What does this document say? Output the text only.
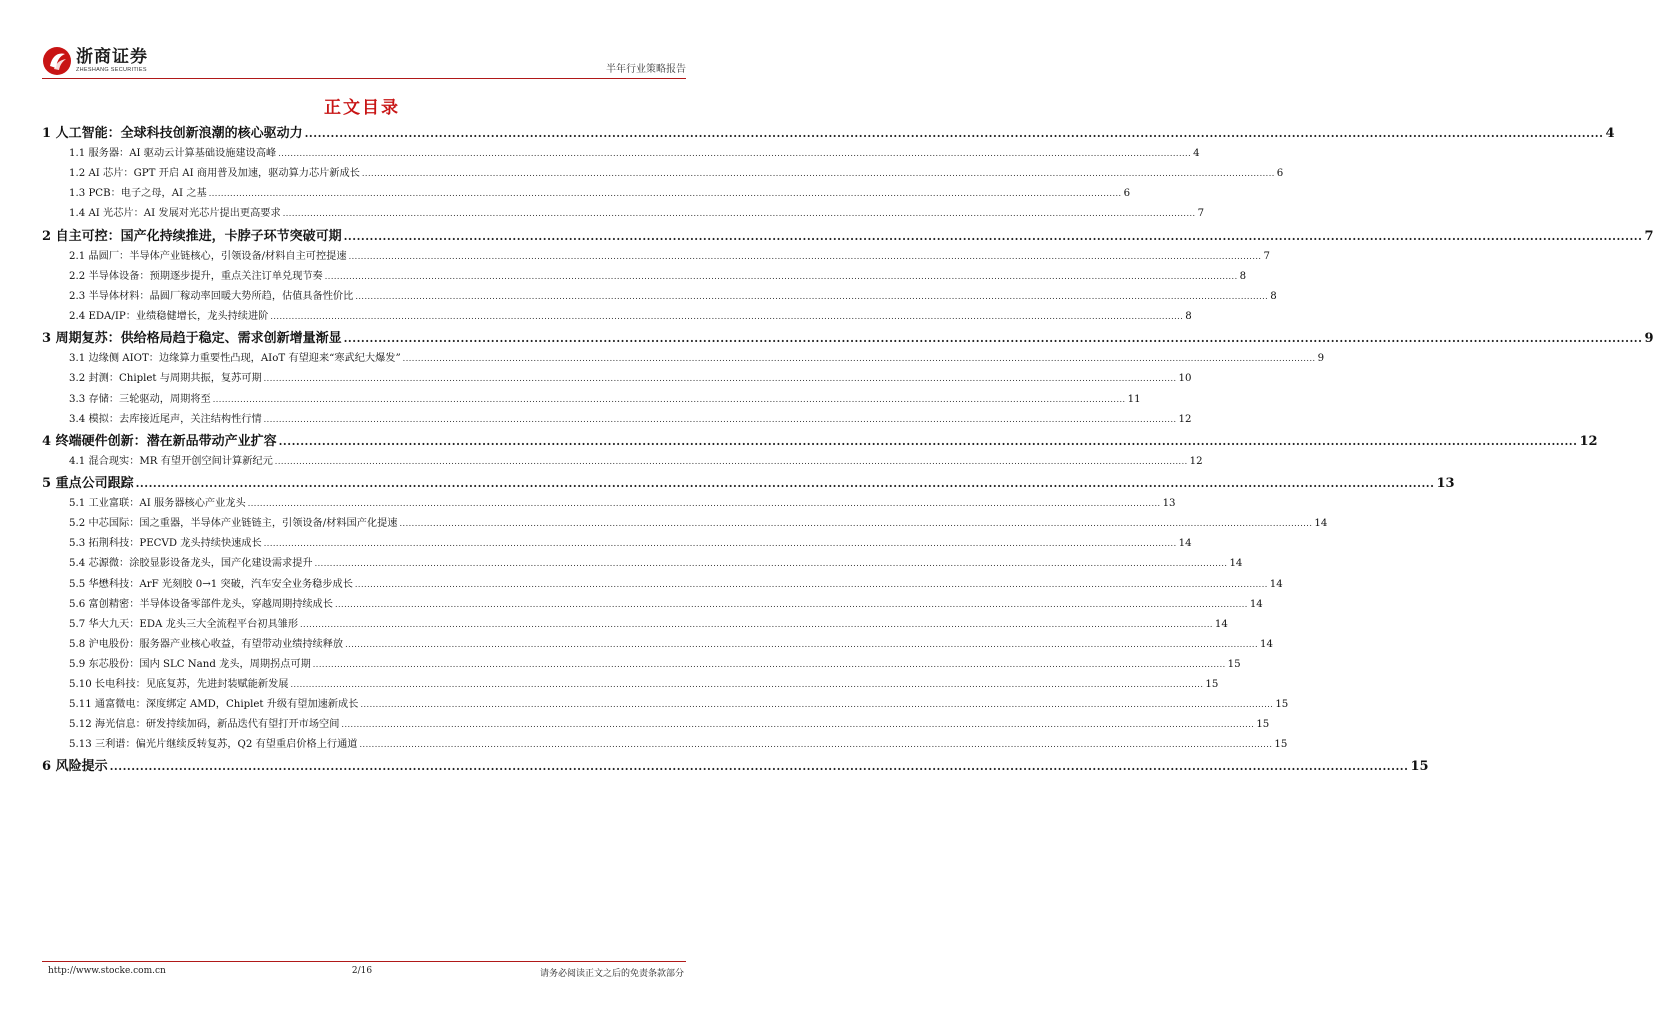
浙商证券
ZHESHANG SECURITIES	半年行业策略报告
正文目录
1 人工智能：全球科技创新浪潮的核心驱动力 ............................................................................................................................................................................................................................................................................................................ 4
1.1 服务器：AI 驱动云计算基础设施建设高峰 ............................................................................................................................................................................................................................................................................................................ 4
1.2 AI 芯片：GPT 开启 AI 商用普及加速，驱动算力芯片新成长 ............................................................................................................................................................................................................................................................................................................ 6
1.3 PCB：电子之母，AI 之基 ............................................................................................................................................................................................................................................................................................................ 6
1.4 AI 光芯片：AI 发展对光芯片提出更高要求 ............................................................................................................................................................................................................................................................................................................ 7
2 自主可控：国产化持续推进，卡脖子环节突破可期 ............................................................................................................................................................................................................................................................................................................ 7
2.1 晶圆厂：半导体产业链核心，引领设备/材料自主可控提速 ............................................................................................................................................................................................................................................................................................................ 7
2.2 半导体设备：预期逐步提升，重点关注订单兑现节奏 ............................................................................................................................................................................................................................................................................................................ 8
2.3 半导体材料：晶圆厂稼动率回暖大势所趋，估值具备性价比 ............................................................................................................................................................................................................................................................................................................ 8
2.4 EDA/IP：业绩稳健增长，龙头持续进阶 ............................................................................................................................................................................................................................................................................................................ 8
3 周期复苏：供给格局趋于稳定、需求创新增量渐显 ............................................................................................................................................................................................................................................................................................................ 9
3.1 边缘侧 AIOT：边缘算力重要性凸现，AIoT 有望迎来“寒武纪大爆发” ............................................................................................................................................................................................................................................................................................................ 9
3.2 封测：Chiplet 与周期共振，复苏可期 ............................................................................................................................................................................................................................................................................................................ 10
3.3 存储：三轮驱动，周期将至 ............................................................................................................................................................................................................................................................................................................ 11
3.4 模拟：去库接近尾声，关注结构性行情 ............................................................................................................................................................................................................................................................................................................ 12
4 终端硬件创新：潜在新品带动产业扩容 ............................................................................................................................................................................................................................................................................................................ 12
4.1 混合现实：MR 有望开创空间计算新纪元 ............................................................................................................................................................................................................................................................................................................ 12
5 重点公司跟踪 ............................................................................................................................................................................................................................................................................................................ 13
5.1 工业富联：AI 服务器核心产业龙头 ............................................................................................................................................................................................................................................................................................................ 13
5.2 中芯国际：国之重器，半导体产业链链主，引领设备/材料国产化提速 ............................................................................................................................................................................................................................................................................................................ 14
5.3 拓荆科技：PECVD 龙头持续快速成长 ............................................................................................................................................................................................................................................................................................................ 14
5.4 芯源微：涂胶显影设备龙头，国产化建设需求提升 ............................................................................................................................................................................................................................................................................................................ 14
5.5 华懋科技：ArF 光刻胶 0→1 突破，汽车安全业务稳步成长 ............................................................................................................................................................................................................................................................................................................ 14
5.6 富创精密：半导体设备零部件龙头，穿越周期持续成长 ............................................................................................................................................................................................................................................................................................................ 14
5.7 华大九天：EDA 龙头三大全流程平台初具雏形 ............................................................................................................................................................................................................................................................................................................ 14
5.8 沪电股份：服务器产业核心收益，有望带动业绩持续释放 ............................................................................................................................................................................................................................................................................................................ 14
5.9 东芯股份：国内 SLC Nand 龙头，周期拐点可期 ............................................................................................................................................................................................................................................................................................................ 15
5.10 长电科技：见底复苏，先进封装赋能新发展 ............................................................................................................................................................................................................................................................................................................ 15
5.11 通富微电：深度绑定 AMD，Chiplet 升级有望加速新成长 ............................................................................................................................................................................................................................................................................................................ 15
5.12 海光信息：研发持续加码，新品迭代有望打开市场空间 ............................................................................................................................................................................................................................................................................................................ 15
5.13 三利谱：偏光片继续反转复苏，Q2 有望重启价格上行通道 ............................................................................................................................................................................................................................................................................................................ 15
6 风险提示 ............................................................................................................................................................................................................................................................................................................ 15
http://www.stocke.com.cn	2/16	请务必阅读正文之后的免责条款部分
